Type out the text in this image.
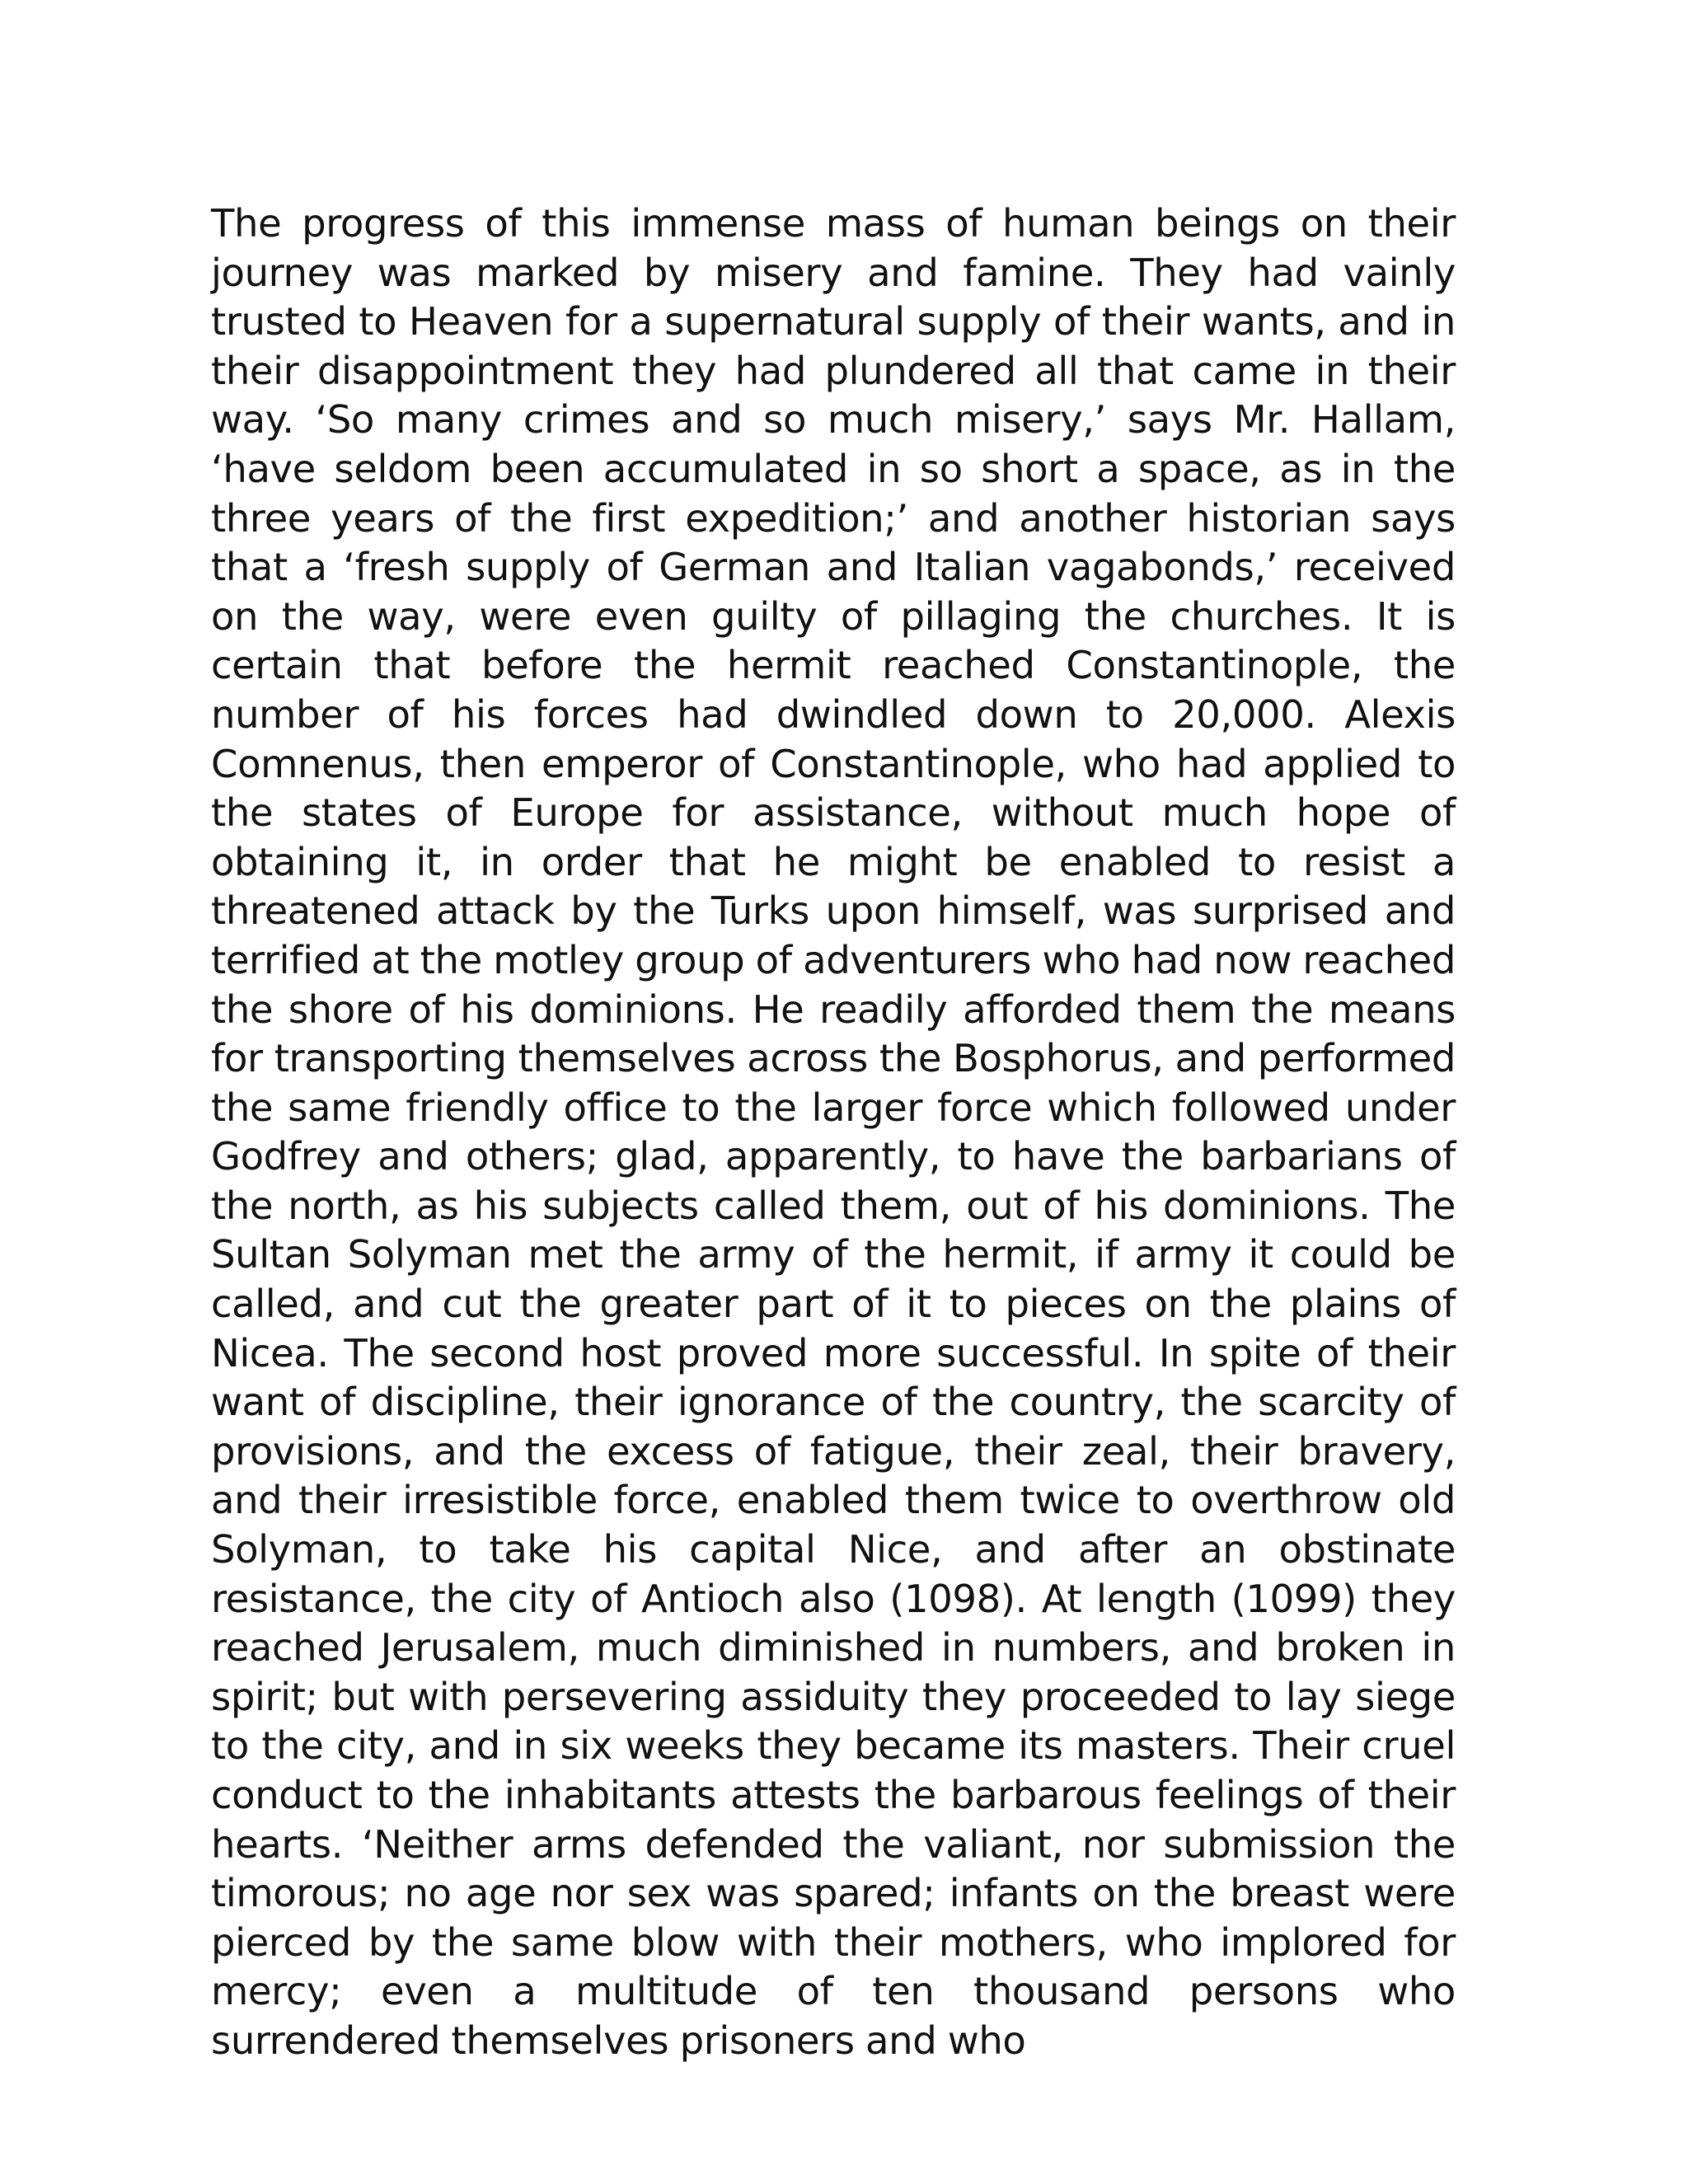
The progress of this immense mass of human beings on their journey was marked by misery and famine. They had vainly trusted to Heaven for a supernatural supply of their wants, and in their disappointment they had plundered all that came in their way. ‘So many crimes and so much misery,’ says Mr. Hallam, ‘have seldom been accumulated in so short a space, as in the three years of the first expedition;’ and another historian says that a ‘fresh supply of German and Italian vagabonds,’ received on the way, were even guilty of pillaging the churches. It is certain that before the hermit reached Constantinople, the number of his forces had dwindled down to 20,000. Alexis Comnenus, then emperor of Constantinople, who had applied to the states of Europe for assistance, without much hope of obtaining it, in order that he might be enabled to resist a threatened attack by the Turks upon himself, was surprised and terrified at the motley group of adventurers who had now reached the shore of his dominions. He readily afforded them the means for transporting themselves across the Bosphorus, and performed the same friendly office to the larger force which followed under Godfrey and others; glad, apparently, to have the barbarians of the north, as his subjects called them, out of his dominions. The Sultan Solyman met the army of the hermit, if army it could be called, and cut the greater part of it to pieces on the plains of Nicea. The second host proved more successful. In spite of their want of discipline, their ignorance of the country, the scarcity of provisions, and the excess of fatigue, their zeal, their bravery, and their irresistible force, enabled them twice to overthrow old Solyman, to take his capital Nice, and after an obstinate resistance, the city of Antioch also (1098). At length (1099) they reached Jerusalem, much diminished in numbers, and broken in spirit; but with persevering assiduity they proceeded to lay siege to the city, and in six weeks they became its masters. Their cruel conduct to the inhabitants attests the barbarous feelings of their hearts. ‘Neither arms defended the valiant, nor submission the timorous; no age nor sex was spared; infants on the breast were pierced by the same blow with their mothers, who implored for mercy; even a multitude of ten thousand persons who surrendered themselves prisoners and who
